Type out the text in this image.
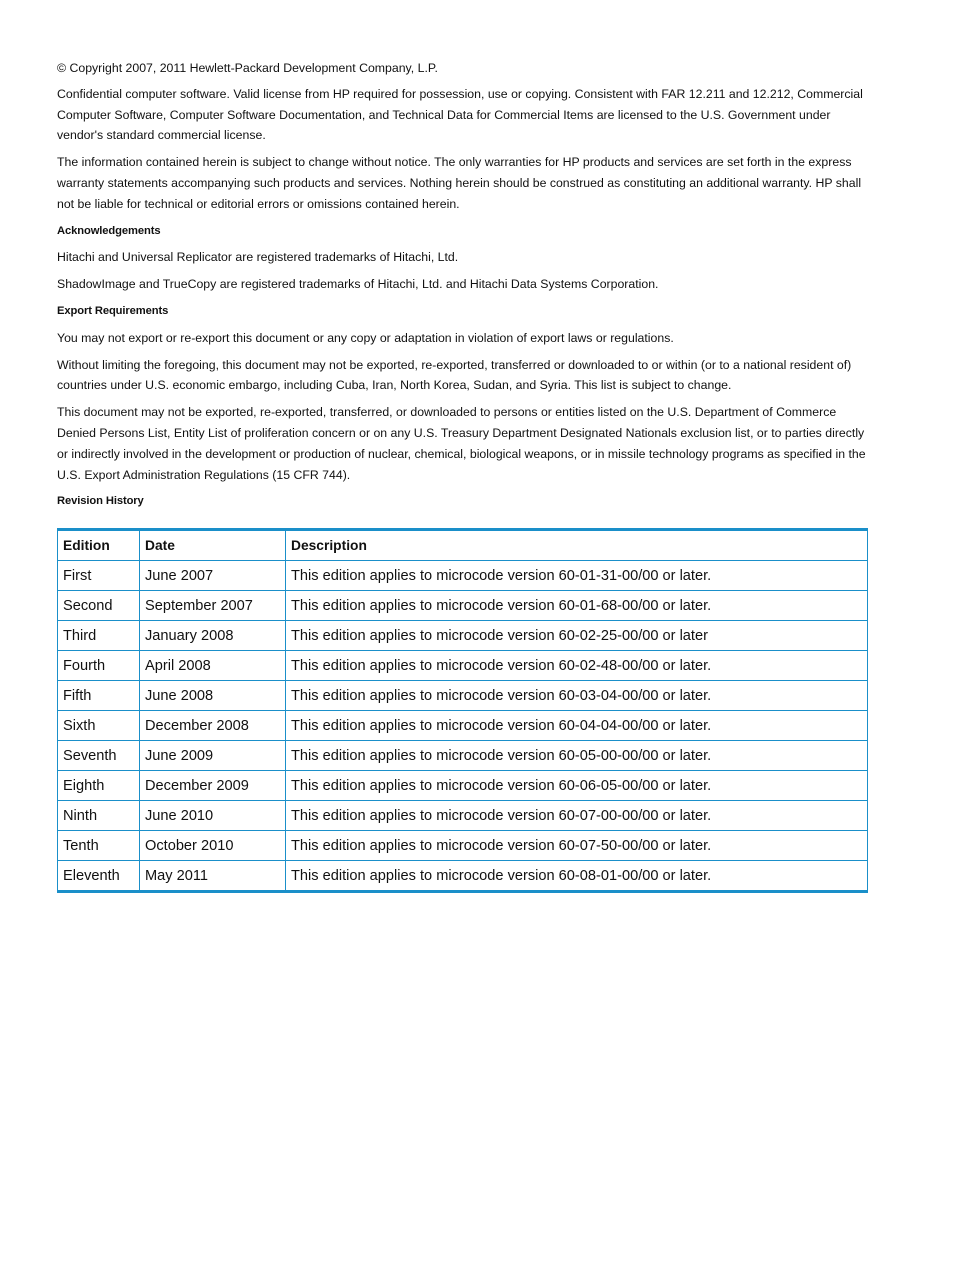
© Copyright 2007, 2011 Hewlett-Packard Development Company, L.P.

Confidential computer software. Valid license from HP required for possession, use or copying. Consistent with FAR 12.211 and 12.212, Commercial Computer Software, Computer Software Documentation, and Technical Data for Commercial Items are licensed to the U.S. Government under vendor's standard commercial license.

The information contained herein is subject to change without notice. The only warranties for HP products and services are set forth in the express warranty statements accompanying such products and services. Nothing herein should be construed as constituting an additional warranty. HP shall not be liable for technical or editorial errors or omissions contained herein.

Acknowledgements

Hitachi and Universal Replicator are registered trademarks of Hitachi, Ltd.

ShadowImage and TrueCopy are registered trademarks of Hitachi, Ltd. and Hitachi Data Systems Corporation.

Export Requirements

You may not export or re-export this document or any copy or adaptation in violation of export laws or regulations.

Without limiting the foregoing, this document may not be exported, re-exported, transferred or downloaded to or within (or to a national resident of) countries under U.S. economic embargo, including Cuba, Iran, North Korea, Sudan, and Syria. This list is subject to change.

This document may not be exported, re-exported, transferred, or downloaded to persons or entities listed on the U.S. Department of Commerce Denied Persons List, Entity List of proliferation concern or on any U.S. Treasury Department Designated Nationals exclusion list, or to parties directly or indirectly involved in the development or production of nuclear, chemical, biological weapons, or in missile technology programs as specified in the U.S. Export Administration Regulations (15 CFR 744).

Revision History

Edition	Date	Description
First	June 2007	This edition applies to microcode version 60-01-31-00/00 or later.
Second	September 2007	This edition applies to microcode version 60-01-68-00/00 or later.
Third	January 2008	This edition applies to microcode version 60-02-25-00/00 or later
Fourth	April 2008	This edition applies to microcode version 60-02-48-00/00 or later.
Fifth	June 2008	This edition applies to microcode version 60-03-04-00/00 or later.
Sixth	December 2008	This edition applies to microcode version 60-04-04-00/00 or later.
Seventh	June 2009	This edition applies to microcode version 60-05-00-00/00 or later.
Eighth	December 2009	This edition applies to microcode version 60-06-05-00/00 or later.
Ninth	June 2010	This edition applies to microcode version 60-07-00-00/00 or later.
Tenth	October 2010	This edition applies to microcode version 60-07-50-00/00 or later.
Eleventh	May 2011	This edition applies to microcode version 60-08-01-00/00 or later.
